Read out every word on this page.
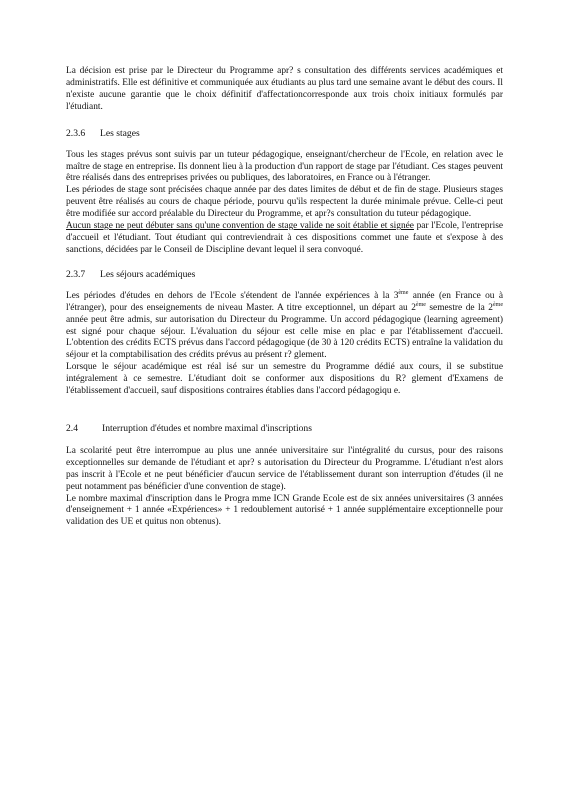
La décision est prise par le Directeur du Programme apr? s consultation des différents services académiques et administratifs. Elle est définitive et communiquée aux étudiants au plus tard une semaine avant le début des cours. Il n'existe aucune garantie que le choix définitif d'affectationcorresponde aux trois choix initiaux formulés par l'étudiant.

2.3.6 Les stages

Tous les stages prévus sont suivis par un tuteur pédagogique, enseignant/chercheur de l'Ecole, en relation avec le maître de stage en entreprise. Ils donnent lieu à la production d'un rapport de stage par l'étudiant. Ces stages peuvent être réalisés dans des entreprises privées ou publiques, des laboratoires, en France ou à l'étranger.

Les périodes de stage sont précisées chaque année par des dates limites de début et de fin de stage. Plusieurs stages peuvent être réalisés au cours de chaque période, pourvu qu'ils respectent la durée minimale prévue. Celle-ci peut être modifiée sur accord préalable du Directeur du Programme, et apr?s consultation du tuteur pédagogique.

Aucun stage ne peut débuter sans qu'une convention de stage valide ne soit établie et signée par l'Ecole, l'entreprise d'accueil et l'étudiant. Tout étudiant qui contreviendrait à ces dispositions commet une faute et s'expose à des sanctions, décidées par le Conseil de Discipline devant lequel il sera convoqué.

2.3.7 Les séjours académiques

Les périodes d'études en dehors de l'Ecole s'étendent de l'année expériences à la 3ème année (en France ou à l'étranger), pour des enseignements de niveau Master. A titre exceptionnel, un départ au 2ème semestre de la 2ème année peut être admis, sur autorisation du Directeur du Programme. Un accord pédagogique (learning agreement) est signé pour chaque séjour. L'évaluation du séjour est celle mise en plac e par l'établissement d'accueil. L'obtention des crédits ECTS prévus dans l'accord pédagogique (de 30 à 120 crédits ECTS) entraîne la validation du séjour et la comptabilisation des crédits prévus au présent r? glement.

Lorsque le séjour académique est réal isé sur un semestre du Programme dédié aux cours, il se substitue intégralement à ce semestre. L'étudiant doit se conformer aux dispositions du R? glement d'Examens de l'établissement d'accueil, sauf dispositions contraires établies dans l'accord pédagogiqu e.

2.4	Interruption d'études et nombre maximal d'inscriptions

La scolarité peut être interrompue au plus une année universitaire sur l'intégralité du cursus, pour des raisons exceptionnelles sur demande de l'étudiant et apr? s autorisation du Directeur du Programme. L'étudiant n'est alors pas inscrit à l'Ecole et ne peut bénéficier d'aucun service de l'établissement durant son interruption d'études (il ne peut notamment pas bénéficier d'une convention de stage).

Le nombre maximal d'inscription dans le Progra mme ICN Grande Ecole est de six années universitaires (3 années d'enseignement + 1 année «Expériences» + 1 redoublement autorisé + 1 année supplémentaire exceptionnelle pour validation des UE et quitus non obtenus).
